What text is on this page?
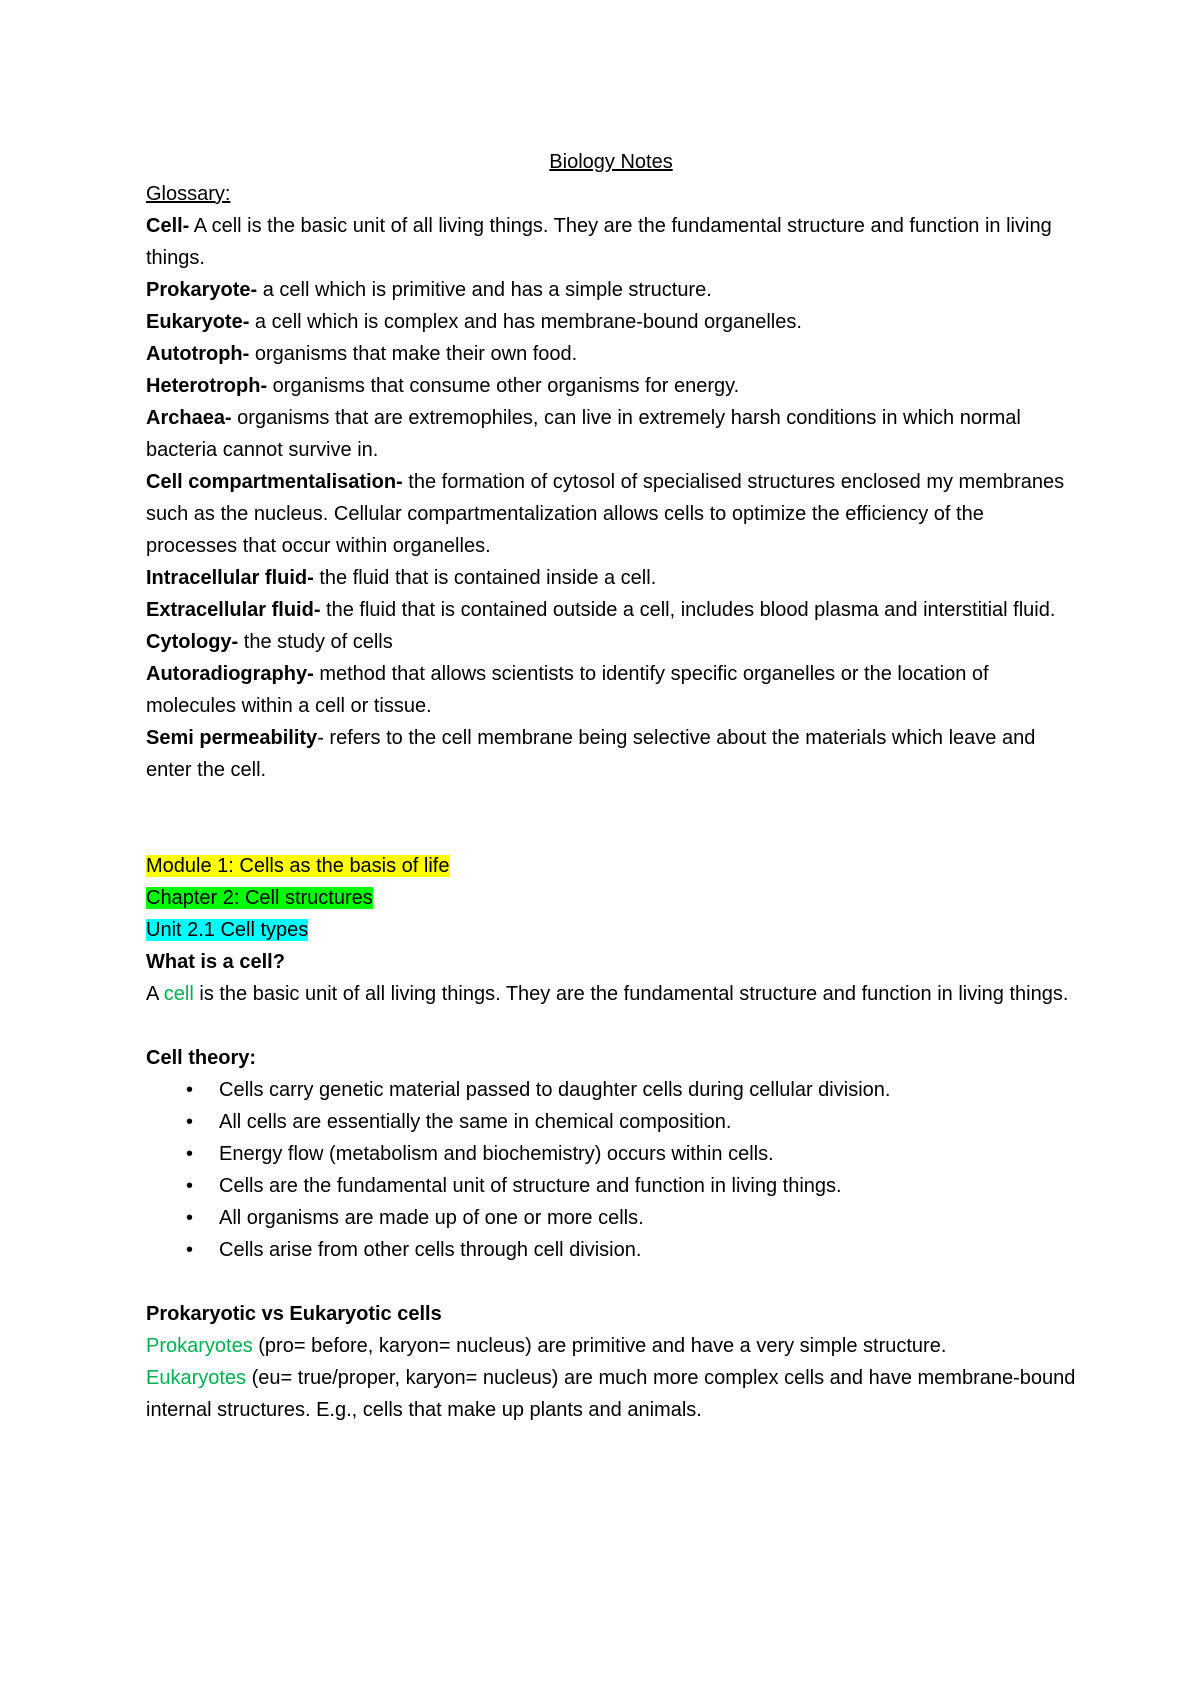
Biology Notes

Glossary:

Cell- A cell is the basic unit of all living things. They are the fundamental structure and function in living things.

Prokaryote- a cell which is primitive and has a simple structure.

Eukaryote- a cell which is complex and has membrane-bound organelles.

Autotroph- organisms that make their own food.

Heterotroph- organisms that consume other organisms for energy.

Archaea- organisms that are extremophiles, can live in extremely harsh conditions in which normal bacteria cannot survive in.

Cell compartmentalisation- the formation of cytosol of specialised structures enclosed my membranes such as the nucleus. Cellular compartmentalization allows cells to optimize the efficiency of the processes that occur within organelles.

Intracellular fluid- the fluid that is contained inside a cell.

Extracellular fluid- the fluid that is contained outside a cell, includes blood plasma and interstitial fluid.

Cytology- the study of cells

Autoradiography- method that allows scientists to identify specific organelles or the location of molecules within a cell or tissue.

Semi permeability- refers to the cell membrane being selective about the materials which leave and enter the cell.

Module 1: Cells as the basis of life

Chapter 2: Cell structures

Unit 2.1 Cell types

What is a cell?

A cell is the basic unit of all living things. They are the fundamental structure and function in living things.

Cell theory:

• Cells carry genetic material passed to daughter cells during cellular division.
• All cells are essentially the same in chemical composition.
• Energy flow (metabolism and biochemistry) occurs within cells.
• Cells are the fundamental unit of structure and function in living things.
• All organisms are made up of one or more cells.
• Cells arise from other cells through cell division.

Prokaryotic vs Eukaryotic cells

Prokaryotes (pro= before, karyon= nucleus) are primitive and have a very simple structure.

Eukaryotes (eu= true/proper, karyon= nucleus) are much more complex cells and have membrane-bound internal structures. E.g., cells that make up plants and animals.
